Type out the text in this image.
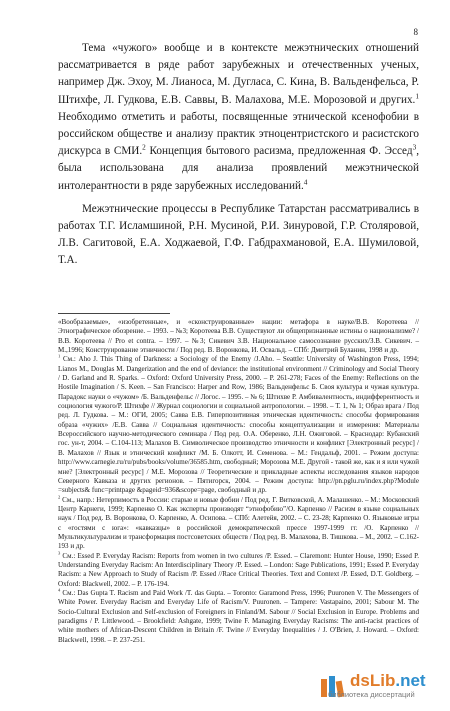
8

Тема «чужого» вообще и в контексте межэтнических отношений рассматривается в ряде работ зарубежных и отечественных ученых, например Дж. Эхоу, М. Лианоса, М. Дугласа, С. Кина, В. Вальденфельса, Р. Штихфе, Л. Гудкова, Е.В. Саввы, В. Малахова, М.Е. Морозовой и других.$^1$ Необходимо отметить и работы, посвященные этнической ксенофобии в российском обществе и анализу практик этноцентристского и расистского дискурса в СМИ.$^2$ Концепция бытового расизма, предложенная Ф. Эссед$^3$, была использована для анализа проявлений межэтнической интолерантности в ряде зарубежных исследований.$^4$

Межэтнические процессы в Республике Татарстан рассматривались в работах Т.Г. Исламшиной, Р.Н. Мусиной, Р.И. Зинуровой, Г.Р. Столяровой, Л.В. Сагитовой, Е.А. Ходжаевой, Г.Ф. Габдрахмановой, Е.А. Шумиловой, Т.А.

«Вообразаемые», «изобретенные», и «сконструированные» нации: метафора в науке/В.В. Коротеева // Этнографическое обозрение. – 1993. – №3; Коротеева В.В. Существуют ли общепризнанные истины о национализме? / В.В. Коротеева // Pro et contra. – 1997. – №3; Сикевич З.В. Национальное самосознание русских/З.В. Сикевич. – М.,1996; Конструирование этничности / Под ред. В. Воронкова, И. Освальд. – СПб: Дмитрий Буланин, 1998 и др.

$^1$ См.: Aho J. This Thing of Darkness: a Sociology of the Enemy /J.Aho. – Seattle: University of Washington Press, 1994; Lianos M., Douglas M. Dangerization and the end of deviance: the institutional environment // Criminology and Social Theory / D. Garland and R. Sparks. – Oxford: Oxford University Press, 2000. – P. 261-278; Faces of the Enemy: Reflections on the Hostile Imagination / S. Keen. – San Francisco: Harper and Row, 1986; Вальденфельс Б. Своя культура и чужая культура. Парадокс науки о «чужом» /Б. Вальденфельс // Логос. – 1995. – № 6; Штихве Р. Амбивалентность, индифферентность и социология чужого/Р. Штихфе // Журнал социологии и социальной антропологии. – 1998. – Т. 1, № 1; Образ врага / Под ред. Л. Гудкова. – М.: ОГИ, 2005; Савва Е.В. Гиперпозитивная этническая идентичность: способы формирования образа «чужих» /Е.В. Савва // Социальная идентичность: способы концептуализации и измерения: Материалы Всероссийского научно-методического семинара / Под ред. О.А. Оберенко, Л.Н. Ожиговой. – Краснодар: Кубанский гос. ун-т, 2004. – С.104-113; Малахов В. Символическое производство этничности и конфликт [Электронный ресурс] /В. Малахов // Язык и этнический конфликт /М. Б. Олкотт, И. Семенова. – М.: Гендальф, 2001. – Режим доступа: http://www.carnegie.ru/ru/pubs/books/volume/36585.htm, свободный; Морозова М.Е. Другой - такой же, как и я или чужой мне? [Электронный ресурс] / М.Е. Морозова // Теоретические и прикладные аспекты исследования языков народов Северного Кавказа и других регионов. – Пятигорск, 2004. – Режим доступа: http://pn.pglu.ru/index.php?Module =subjects& func=printpage &pageid=936&scope=page, свободный и др.

$^2$ См., напр.: Нетерпимость в России: старые и новые фобии / Под ред. Г. Витковской, А. Малашенко. – М.: Московский Центр Карнеги, 1999; Карпенко О. Как эксперты производят “этнофобию”/О. Карпенко // Расизм в языке социальных наук / Под ред. В. Воронкова, О. Карпенко, А. Осипова. – СПб: Алетейя, 2002. – С. 23-28; Карпенко О. Языковые игры с «гостями с юга»: «кавказцы» в российской демократической прессе 1997-1999 гг. /О. Карпенко // Мультикультурализм и трансформация постсоветских обществ / Под ред. В. Малахова, В. Тишкова. – М., 2002. – С.162-193 и др.

$^3$ См.: Essed P. Everyday Racism: Reports from women in two cultures /P. Essed. – Claremont: Hunter House, 1990; Essed P. Understanding Everyday Racism: An Interdisciplinary Theory /P. Essed. – London: Sage Publications, 1991; Essed P. Everyday Racism: a New Approach to Study of Racism /P. Essed //Race Critical Theories. Text and Context /P. Essed, D.T. Goldberg. – Oxford: Blackwell, 2002. – P. 176-194.

$^4$ См.: Das Gupta T. Racism and Paid Work /T. das Gupta. – Toronto: Garamond Press, 1996; Puuronen V. The Messengers of White Power. Everyday Racism and Everyday Life of Racism/V. Puuronen. – Tampere: Vastapaino, 2001; Sabour M. The Socio-Cultural Exclusion and Self-exclusion of Foreigners in Finland/M. Sabour // Social Exclusion in Europe. Problems and paradigms / P. Littlewood. – Brookfield: Ashgate, 1999; Twine F. Managing Everyday Racisms: The anti-racist practices of white mothers of African-Descent Children in Britain /F. Twine // Everyday Inequalities / J. O'Brien, J. Howard. – Oxford: Blackwell, 1998. – P. 237-251.

dsLib.net
библиотека диссертаций
